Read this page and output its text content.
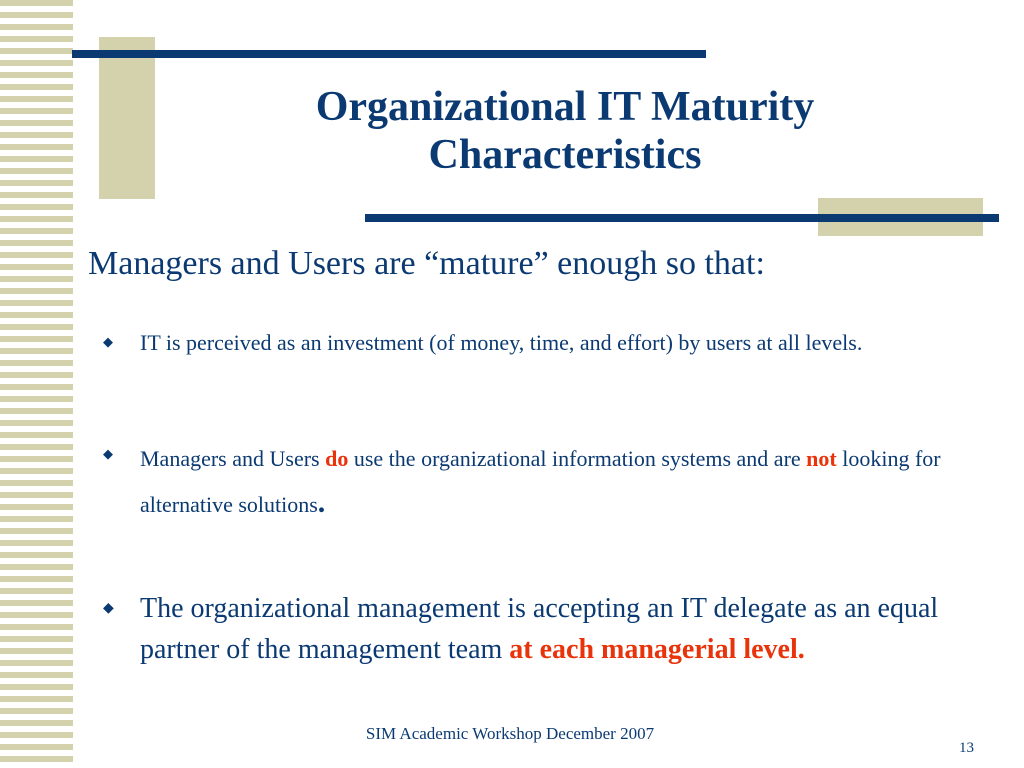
Organizational IT Maturity
Characteristics
Managers and Users are “mature” enough so that:
◆ IT is perceived as an investment (of money, time, and effort) by users at all levels.
◆ Managers and Users do use the organizational information systems and are not looking for alternative solutions.
◆ The organizational management is accepting an IT delegate as an equal partner of the management team at each managerial level.
SIM Academic Workshop December 2007
13
